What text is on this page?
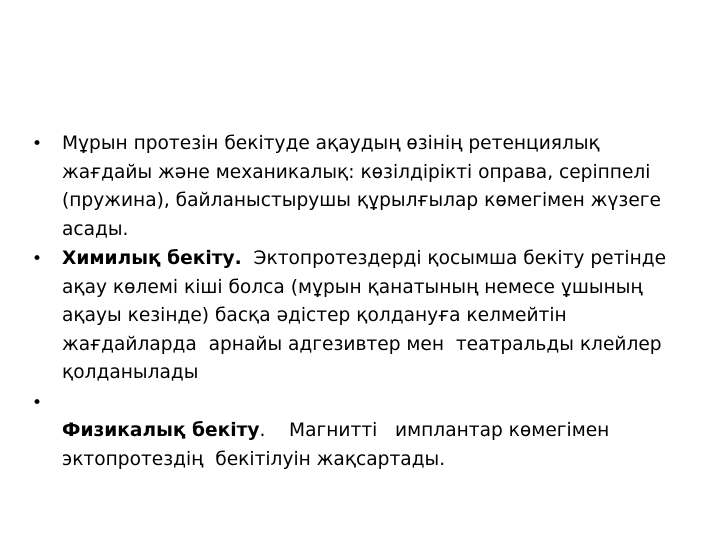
• Мұрын протезін бекітуде ақаудың өзінің ретенциялық жағдайы және механикалық: көзілдірікті оправа, серіппелі (пружина), байланыстырушы құрылғылар көмегімен жүзеге асады.
• Химилық бекіту.  Эктопротездерді қосымша бекіту ретінде ақау көлемі кіші болса (мұрын қанатының немесе ұшының ақауы кезінде) басқа әдістер қолдануға келмейтін жағдайларда  арнайы адгезивтер мен  театральды клейлер қолданылады
•
Физикалық бекіту.    Магнитті   имплантар көмегімен эктопротездің  бекітілуін жақсартады.
